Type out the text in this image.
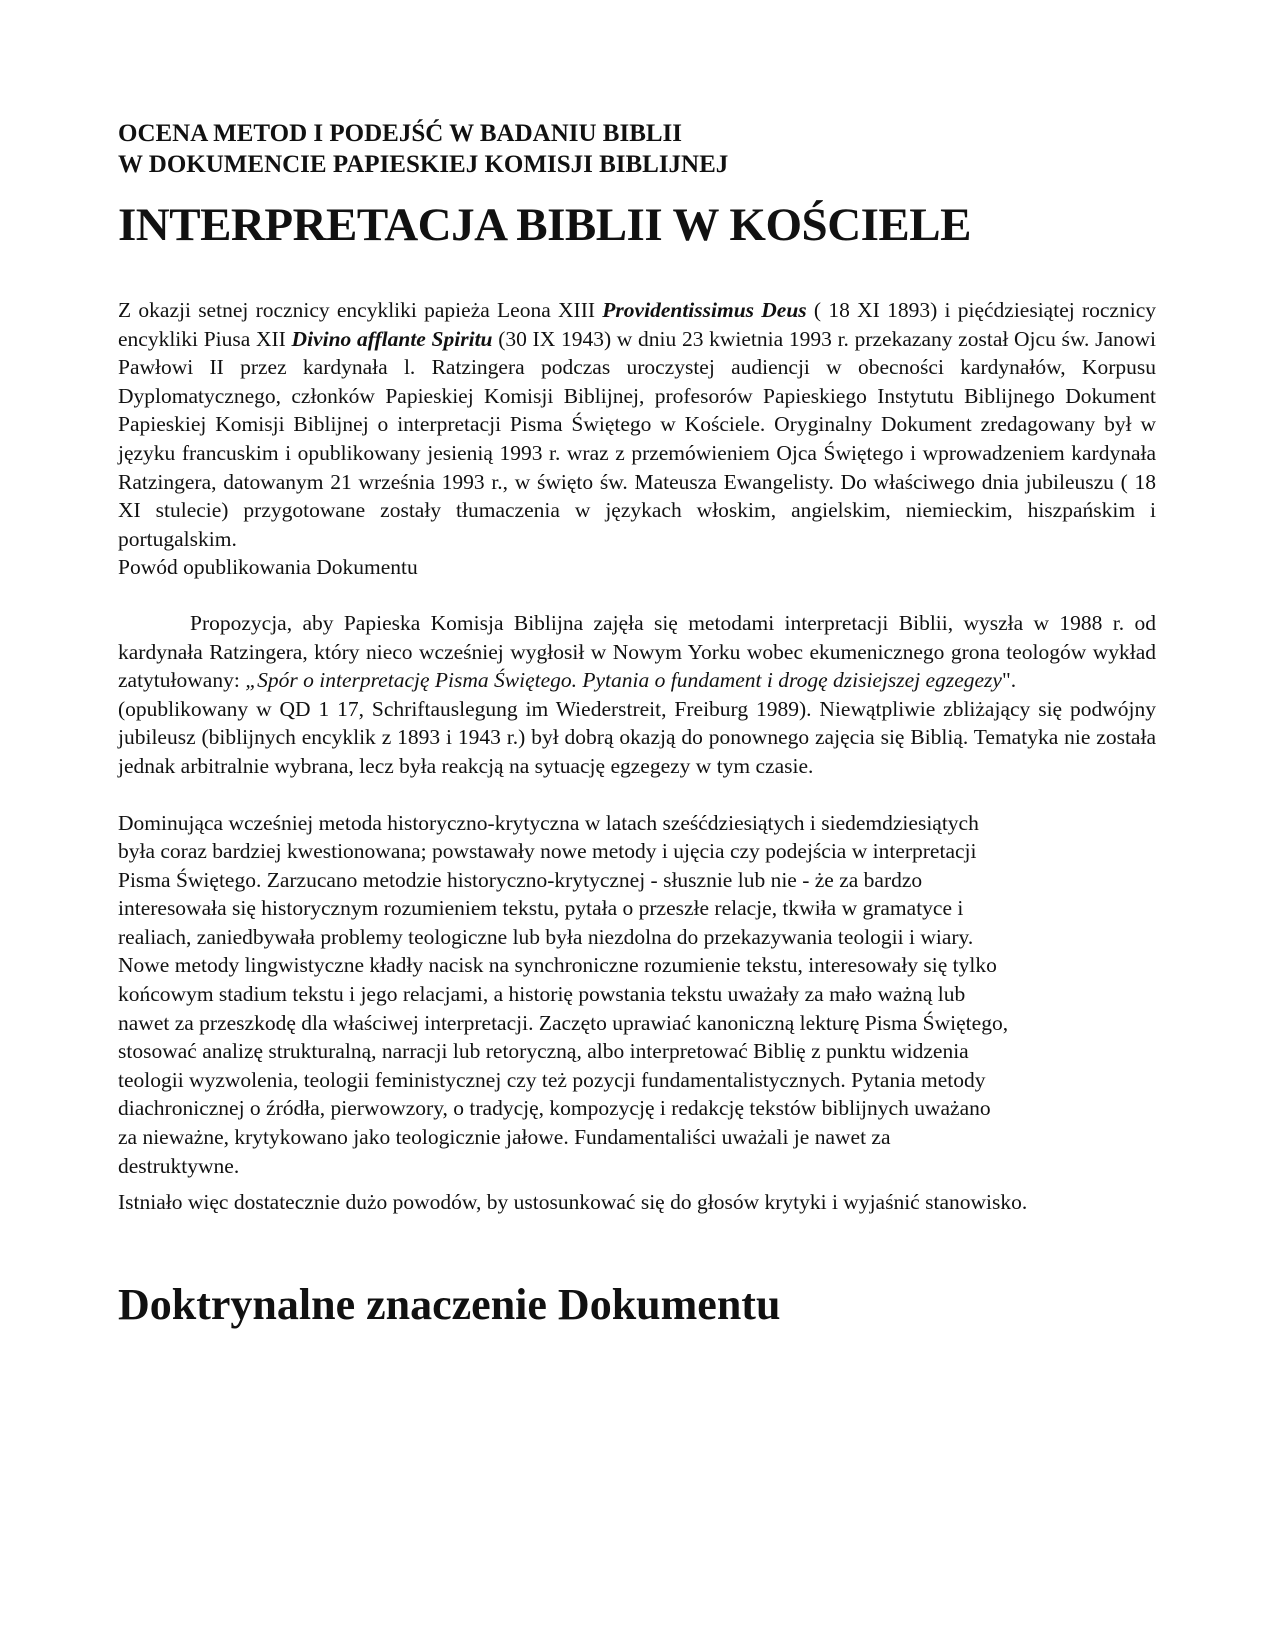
OCENA METOD I PODEJŚĆ W BADANIU BIBLII

W DOKUMENCIE PAPIESKIEJ KOMISJI BIBLIJNEJ

INTERPRETACJA BIBLII W KOŚCIELE

Z okazji setnej rocznicy encykliki papieża Leona XIII Providentissimus Deus ( 18 XI 1893) i pięćdziesiątej rocznicy encykliki Piusa XII Divino afflante Spiritu (30 IX 1943) w dniu 23 kwietnia 1993 r. przekazany został Ojcu św. Janowi Pawłowi II przez kardynała l. Ratzingera podczas uroczystej audiencji w obecności kardynałów, Korpusu Dyplomatycznego, członków Papieskiej Komisji Biblijnej, profesorów Papieskiego Instytutu Biblijnego Dokument Papieskiej Komisji Biblijnej o interpretacji Pisma Świętego w Kościele. Oryginalny Dokument zredagowany był w języku francuskim i opublikowany jesienią 1993 r. wraz z przemówieniem Ojca Świętego i wprowadzeniem kardynała Ratzingera, datowanym 21 września 1993 r., w święto św. Mateusza Ewangelisty. Do właściwego dnia jubileuszu ( 18 XI stulecie) przygotowane zostały tłumaczenia w językach włoskim, angielskim, niemieckim, hiszpańskim i portugalskim.

Powód opublikowania Dokumentu

Propozycja, aby Papieska Komisja Biblijna zajęła się metodami interpretacji Biblii, wyszła w 1988 r. od kardynała Ratzingera, który nieco wcześniej wygłosił w Nowym Yorku wobec ekumenicznego grona teologów wykład zatytułowany: „Spór o interpretację Pisma Świętego. Pytania o fundament i drogę dzisiejszej egzegezy".

(opublikowany w QD 1 17, Schriftauslegung im Wiederstreit, Freiburg 1989). Niewątpliwie zbliżający się podwójny jubileusz (biblijnych encyklik z 1893 i 1943 r.) był dobrą okazją do ponownego zajęcia się Biblią. Tematyka nie została jednak arbitralnie wybrana, lecz była reakcją na sytuację egzegezy w tym czasie.

Dominująca wcześniej metoda historyczno-krytyczna w latach sześćdziesiątych i siedemdziesiątych
była coraz bardziej kwestionowana; powstawały nowe metody i ujęcia czy podejścia w interpretacji
Pisma Świętego. Zarzucano metodzie historyczno-krytycznej - słusznie lub nie - że za bardzo
interesowała się historycznym rozumieniem tekstu, pytała o przeszłe relacje, tkwiła w gramatyce i
realiach, zaniedbywała problemy teologiczne lub była niezdolna do przekazywania teologii i wiary.
Nowe metody lingwistyczne kładły nacisk na synchroniczne rozumienie tekstu, interesowały się tylko
końcowym stadium tekstu i jego relacjami, a historię powstania tekstu uważały za mało ważną lub
nawet za przeszkodę dla właściwej interpretacji. Zaczęto uprawiać kanoniczną lekturę Pisma Świętego,
stosować analizę strukturalną, narracji lub retoryczną, albo interpretować Biblię z punktu widzenia
teologii wyzwolenia, teologii feministycznej czy też pozycji fundamentalistycznych. Pytania metody
diachronicznej o źródła, pierwowzory, o tradycję, kompozycję i redakcję tekstów biblijnych uważano
za nieważne, krytykowano jako teologicznie jałowe. Fundamentaliści uważali je nawet za
destruktywne.

Istniało więc dostatecznie dużo powodów, by ustosunkować się do głosów krytyki i wyjaśnić stanowisko.

Doktrynalne znaczenie Dokumentu
